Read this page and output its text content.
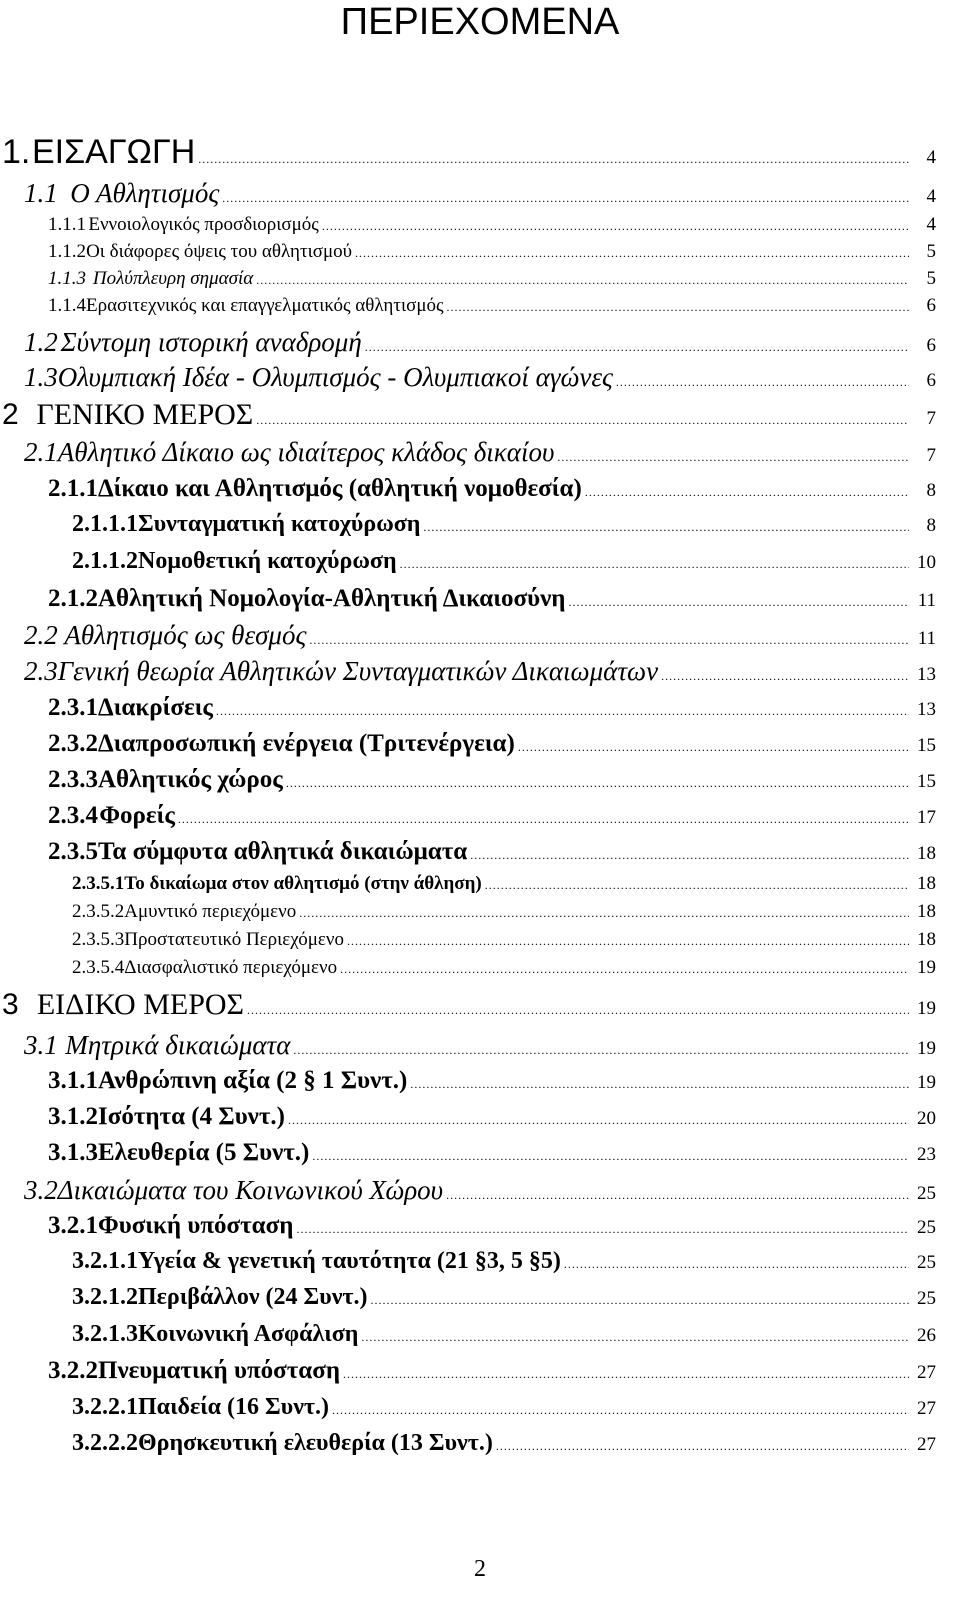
ΠΕΡΙΕΧΟΜΕΝΑ
1. ΕΙΣΑΓΩΓΗ .....	4
1.1 Ο Αθλητισμός .....	4
1.1.1 Εννοιολογικός προσδιορισμός .....	4
1.1.2 Οι διάφορες όψεις του αθλητισμού .....	5
1.1.3 Πολύπλευρη σημασία .....	5
1.1.4 Ερασιτεχνικός και επαγγελματικός αθλητισμός .....	6
1.2 Σύντομη ιστορική αναδρομή .....	6
1.3 Ολυμπιακή Ιδέα - Ολυμπισμός - Ολυμπιακοί αγώνες .....	6
2 ΓΕΝΙΚΟ ΜΕΡΟΣ .....	7
2.1 Αθλητικό Δίκαιο ως ιδιαίτερος κλάδος δικαίου .....	7
2.1.1 Δίκαιο και Αθλητισμός (αθλητική νομοθεσία) .....	8
2.1.1.1 Συνταγματική κατοχύρωση .....	8
2.1.1.2 Νομοθετική κατοχύρωση .....	10
2.1.2 Αθλητική Νομολογία-Αθλητική Δικαιοσύνη .....	11
2.2 Αθλητισμός ως θεσμός .....	11
2.3 Γενική θεωρία Αθλητικών Συνταγματικών Δικαιωμάτων .....	13
2.3.1 Διακρίσεις .....	13
2.3.2 Διαπροσωπική ενέργεια (Τριτενέργεια) .....	15
2.3.3 Αθλητικός χώρος .....	15
2.3.4 Φορείς .....	17
2.3.5 Τα σύμφυτα αθλητικά δικαιώματα .....	18
2.3.5.1 Το δικαίωμα στον αθλητισμό (στην άθληση) .....	18
2.3.5.2 Αμυντικό περιεχόμενο .....	18
2.3.5.3 Προστατευτικό Περιεχόμενο .....	18
2.3.5.4 Διασφαλιστικό περιεχόμενο .....	19
3 ΕΙΔΙΚΟ ΜΕΡΟΣ .....	19
3.1 Μητρικά δικαιώματα .....	19
3.1.1 Ανθρώπινη αξία (2 § 1 Συντ.) .....	19
3.1.2 Ισότητα (4 Συντ.) .....	20
3.1.3 Ελευθερία (5 Συντ.) .....	23
3.2 Δικαιώματα του Κοινωνικού Χώρου .....	25
3.2.1 Φυσική υπόσταση .....	25
3.2.1.1 Υγεία & γενετική ταυτότητα (21 §3, 5 §5) .....	25
3.2.1.2 Περιβάλλον (24 Συντ.) .....	25
3.2.1.3 Κοινωνική Ασφάλιση .....	26
3.2.2 Πνευματική υπόσταση .....	27
3.2.2.1 Παιδεία (16 Συντ.) .....	27
3.2.2.2 Θρησκευτική ελευθερία (13 Συντ.) .....	27
2
